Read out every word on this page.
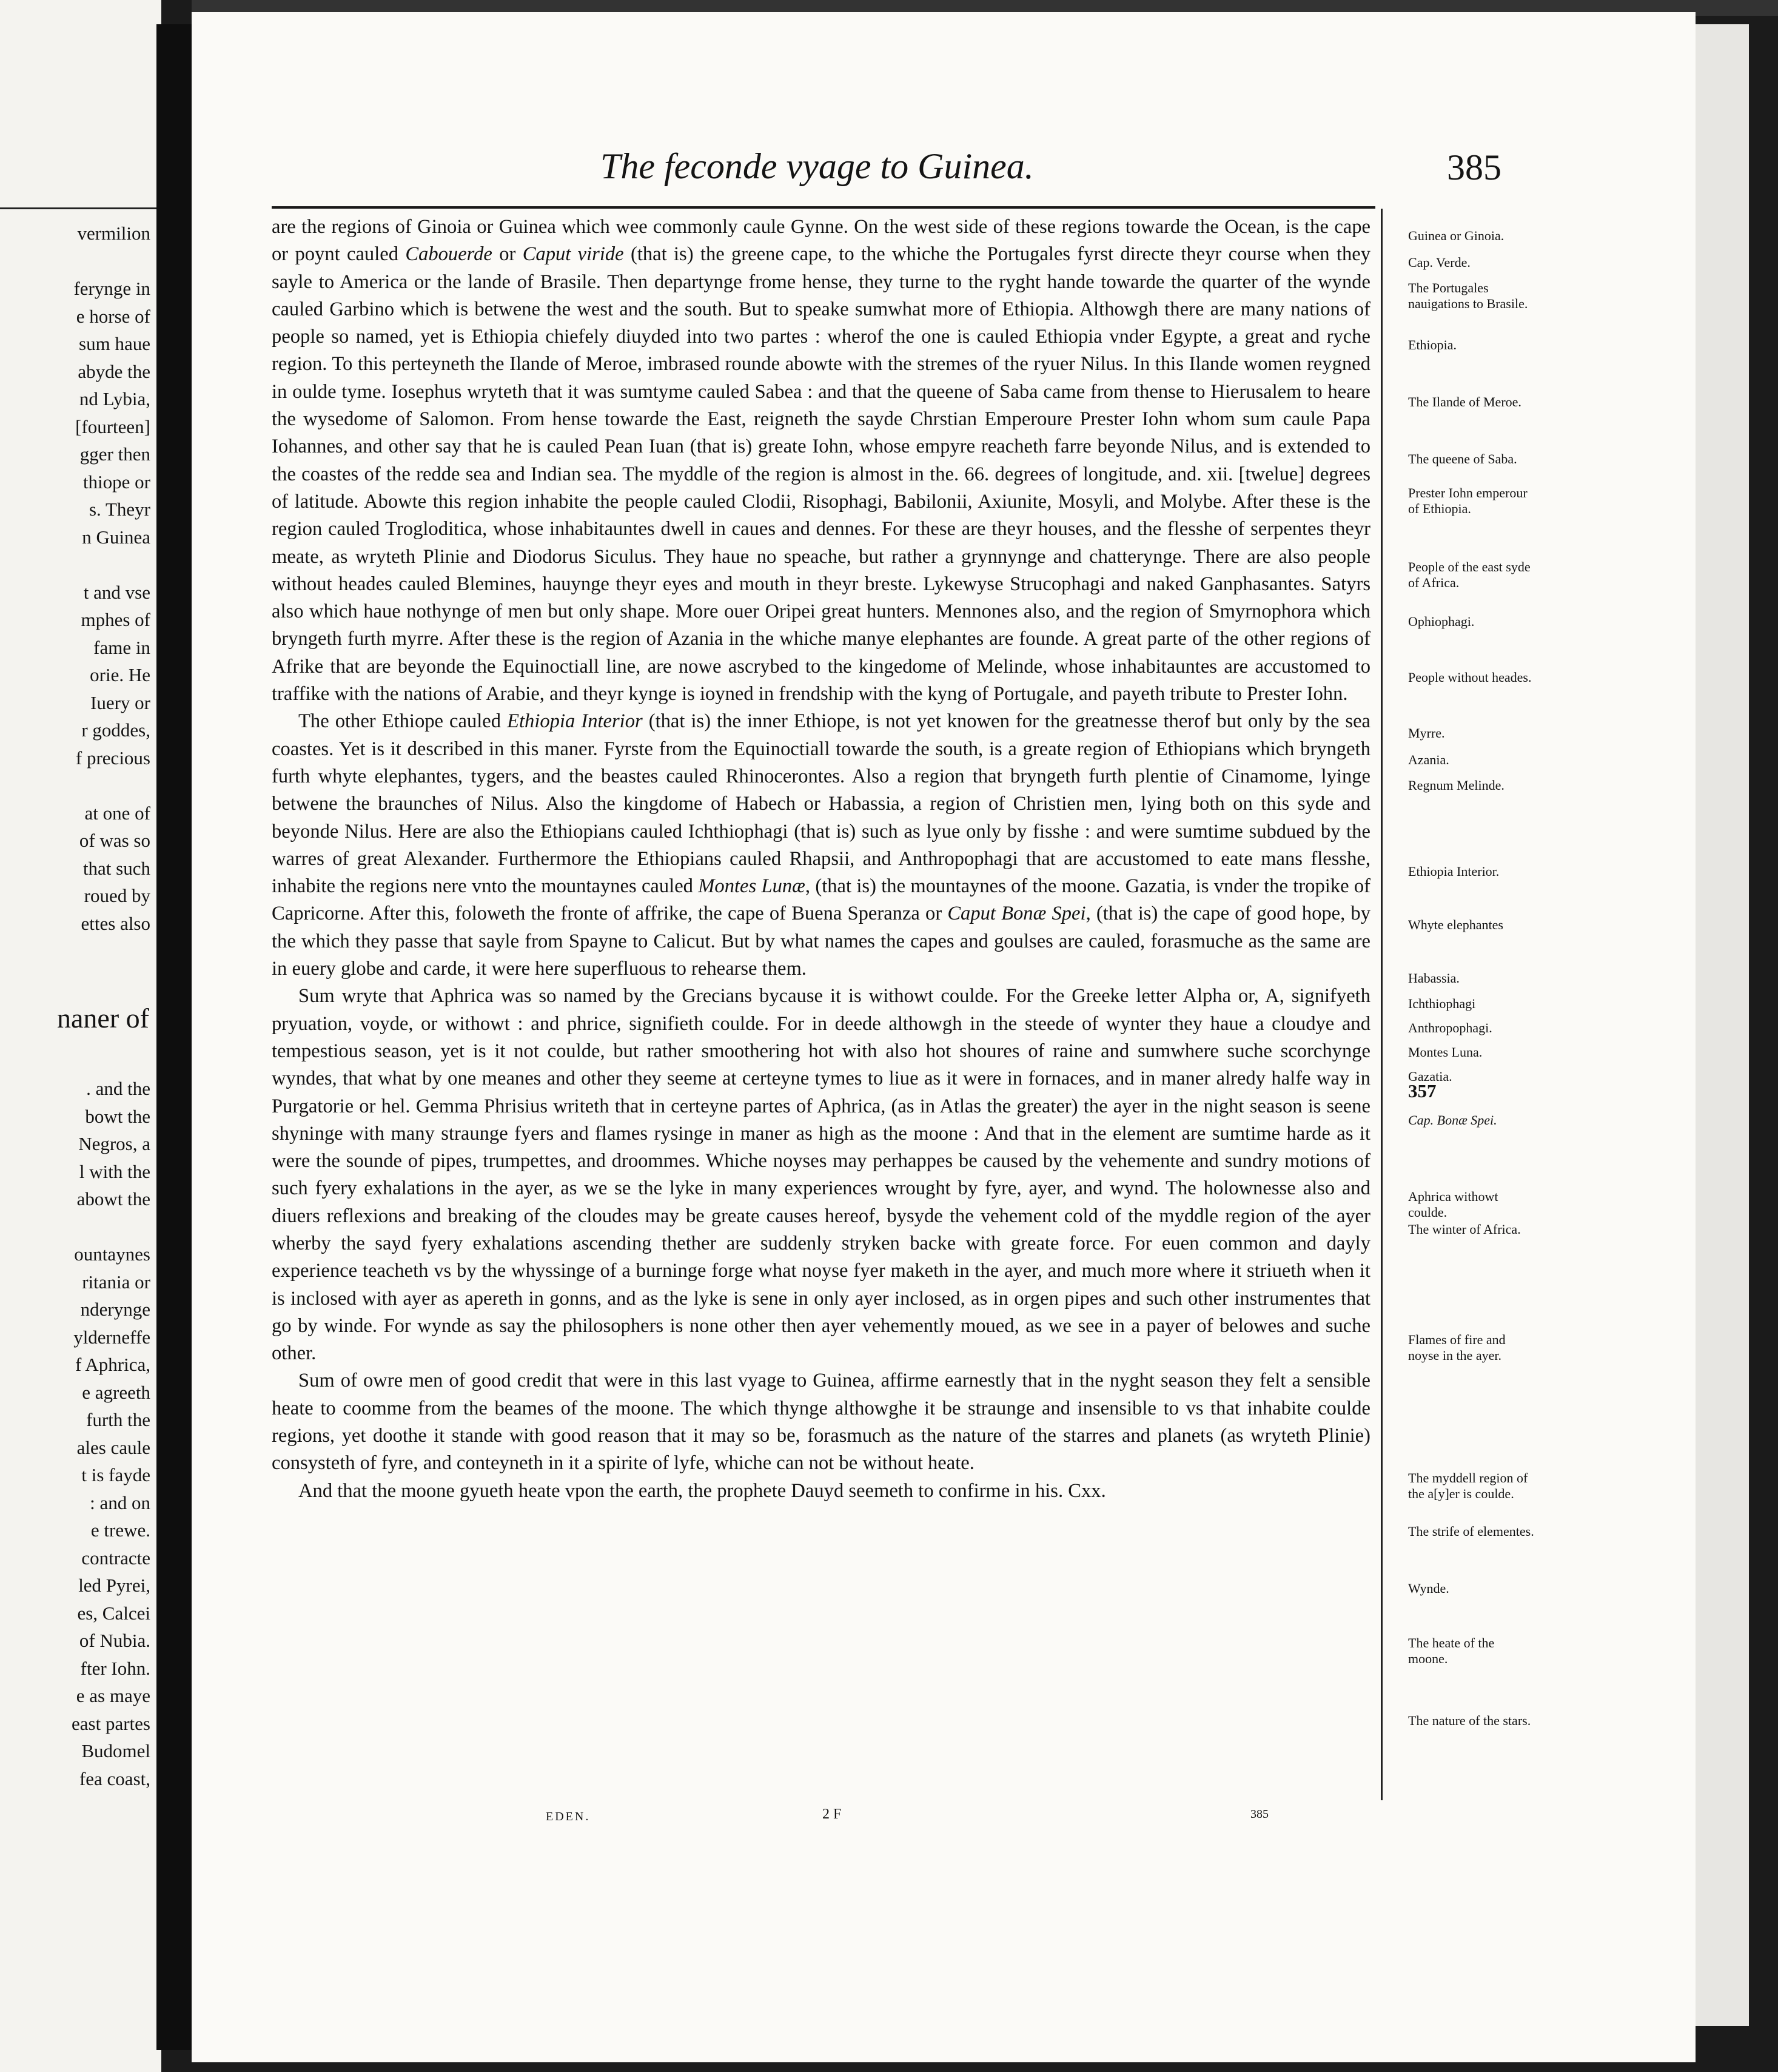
vermilion

ferynge in
e horse of
sum haue
abyde the
nd Lybia,
[fourteen]
gger then
thiope or
s. Theyr
n Guinea

t and vse
mphes of
fame in
orie. He
Iuery or
r goddes,
f precious

at one of
of was so
that such
roued by
ettes also
naner of
. and the
bowt the
Negros, a
l with the
abowt the

ountaynes
ritania or
nderynge
ylderneffe
f Aphrica,
e agreeth
furth the
ales caule
t is fayde
: and on
e trewe.
contracte
led Pyrei,
es, Calcei
of Nubia.
fter Iohn.
e as maye
east partes
Budomel
fea coast,
The feconde vyage to Guinea.	385

are the regions of Ginoia or Guinea which wee commonly caule Gynne. On the west side of these regions towarde the Ocean, is the cape or poynt cauled Cabouerde or Caput viride (that is) the greene cape, to the whiche the Portugales fyrst directe theyr course when they sayle to America or the lande of Brasile. Then departynge frome hense, they turne to the ryght hande towarde the quarter of the wynde cauled Garbino which is betwene the west and the south. But to speake sumwhat more of Ethiopia. Althowgh there are many nations of people so named, yet is Ethiopia chiefely diuyded into two partes : wherof the one is cauled Ethiopia vnder Egypte, a great and ryche region. To this perteyneth the Ilande of Meroe, imbrased rounde abowte with the stremes of the ryuer Nilus. In this Ilande women reygned in oulde tyme. Iosephus wryteth that it was sumtyme cauled Sabea : and that the queene of Saba came from thense to Hierusalem to heare the wysedome of Salomon. From hense towarde the East, reigneth the sayde Chrstian Emperoure Prester Iohn whom sum caule Papa Iohannes, and other say that he is cauled Pean Iuan (that is) greate Iohn, whose empyre reacheth farre beyonde Nilus, and is extended to the coastes of the redde sea and Indian sea. The myddle of the region is almost in the. 66. degrees of longitude, and. xii. [twelue] degrees of latitude. Abowte this region inhabite the people cauled Clodii, Risophagi, Babilonii, Axiunite, Mosyli, and Molybe. After these is the region cauled Trogloditica, whose inhabitauntes dwell in caues and dennes. For these are theyr houses, and the flesshe of serpentes theyr meate, as wryteth Plinie and Diodorus Siculus. They haue no speache, but rather a grynnynge and chatterynge. There are also people without heades cauled Blemines, hauynge theyr eyes and mouth in theyr breste. Lykewyse Strucophagi and naked Ganphasantes. Satyrs also which haue nothynge of men but only shape. More ouer Oripei great hunters. Mennones also, and the region of Smyrnophora which bryngeth furth myrre. After these is the region of Azania in the whiche manye elephantes are founde. A great parte of the other regions of Afrike that are beyonde the Equinoctiall line, are nowe ascrybed to the kingedome of Melinde, whose inhabitauntes are accustomed to traffike with the nations of Arabie, and theyr kynge is ioyned in frendship with the kyng of Portugale, and payeth tribute to Prester Iohn.

The other Ethiope cauled Ethiopia Interior (that is) the inner Ethiope, is not yet knowen for the greatnesse therof but only by the sea coastes. Yet is it described in this maner. Fyrste from the Equinoctiall towarde the south, is a greate region of Ethiopians which bryngeth furth whyte elephantes, tygers, and the beastes cauled Rhinocerontes. Also a region that bryngeth furth plentie of Cinamome, lyinge betwene the braunches of Nilus. Also the kingdome of Habech or Habassia, a region of Christien men, lying both on this syde and beyonde Nilus. Here are also the Ethiopians cauled Ichthiophagi (that is) such as lyue only by fisshe : and were sumtime subdued by the warres of great Alexander. Furthermore the Ethiopians cauled Rhapsii, and Anthropophagi that are accustomed to eate mans flesshe, inhabite the regions nere vnto the mountaynes cauled Montes Lunæ, (that is) the mountaynes of the moone. Gazatia, is vnder the tropike of Capricorne. After this, foloweth the fronte of affrike, the cape of Buena Speranza or Caput Bonæ Spei, (that is) the cape of good hope, by the which they passe that sayle from Spayne to Calicut. But by what names the capes and goulses are cauled, forasmuche as the same are in euery globe and carde, it were here superfluous to rehearse them.

Sum wryte that Aphrica was so named by the Grecians bycause it is withowt coulde. For the Greeke letter Alpha or, A, signifyeth pryuation, voyde, or withowt : and phrice, signifieth coulde. For in deede althowgh in the steede of wynter they haue a cloudye and tempestious season, yet is it not coulde, but rather smoothering hot with also hot shoures of raine and sumwhere suche scorchynge wyndes, that what by one meanes and other they seeme at certeyne tymes to liue as it were in fornaces, and in maner alredy halfe way in Purgatorie or hel. Gemma Phrisius writeth that in certeyne partes of Aphrica, (as in Atlas the greater) the ayer in the night season is seene shyninge with many straunge fyers and flames rysinge in maner as high as the moone : And that in the element are sumtime harde as it were the sounde of pipes, trumpettes, and droommes. Whiche noyses may perhappes be caused by the vehemente and sundry motions of such fyery exhalations in the ayer, as we se the lyke in many experiences wrought by fyre, ayer, and wynd. The holownesse also and diuers reflexions and breaking of the cloudes may be greate causes hereof, bysyde the vehement cold of the myddle region of the ayer wherby the sayd fyery exhalations ascending thether are suddenly stryken backe with greate force. For euen common and dayly experience teacheth vs by the whyssinge of a burninge forge what noyse fyer maketh in the ayer, and much more where it striueth when it is inclosed with ayer as apereth in gonns, and as the lyke is sene in only ayer inclosed, as in orgen pipes and such other instrumentes that go by winde. For wynde as say the philosophers is none other then ayer vehemently moued, as we see in a payer of belowes and suche other.

Sum of owre men of good credit that were in this last vyage to Guinea, affirme earnestly that in the nyght season they felt a sensible heate to coomme from the beames of the moone. The which thynge althowghe it be straunge and insensible to vs that inhabite coulde regions, yet doothe it stande with good reason that it may so be, forasmuch as the nature of the starres and planets (as wryteth Plinie) consysteth of fyre, and conteyneth in it a spirite of lyfe, whiche can not be without heate.

And that the moone gyueth heate vpon the earth, the prophete Dauyd seemeth to confirme in his. Cxx.

Guinea or Ginoia.
Cap. Verde.
The Portugales nauigations to Brasile.
Ethiopia.
The Ilande of Meroe.
The queene of Saba.
Prester Iohn emperour of Ethiopia.
People of the east syde of Africa.
Ophiophagi.
People without heades.
Myrre.
Azania.
Regnum Melinde.
Ethiopia Interior.
Whyte elephantes
Habassia.
Ichthiophagi
Anthropophagi.
Montes Luna.
Gazatia.
357
Cap. Bonæ Spei.
Aphrica withowt coulde.
The winter of Africa.
Flames of fire and noyse in the ayer.
The myddell region of the a[y]er is coulde.
The strife of elementes.
Wynde.
The heate of the moone.
The nature of the stars.
EDEN.	2 F	385
